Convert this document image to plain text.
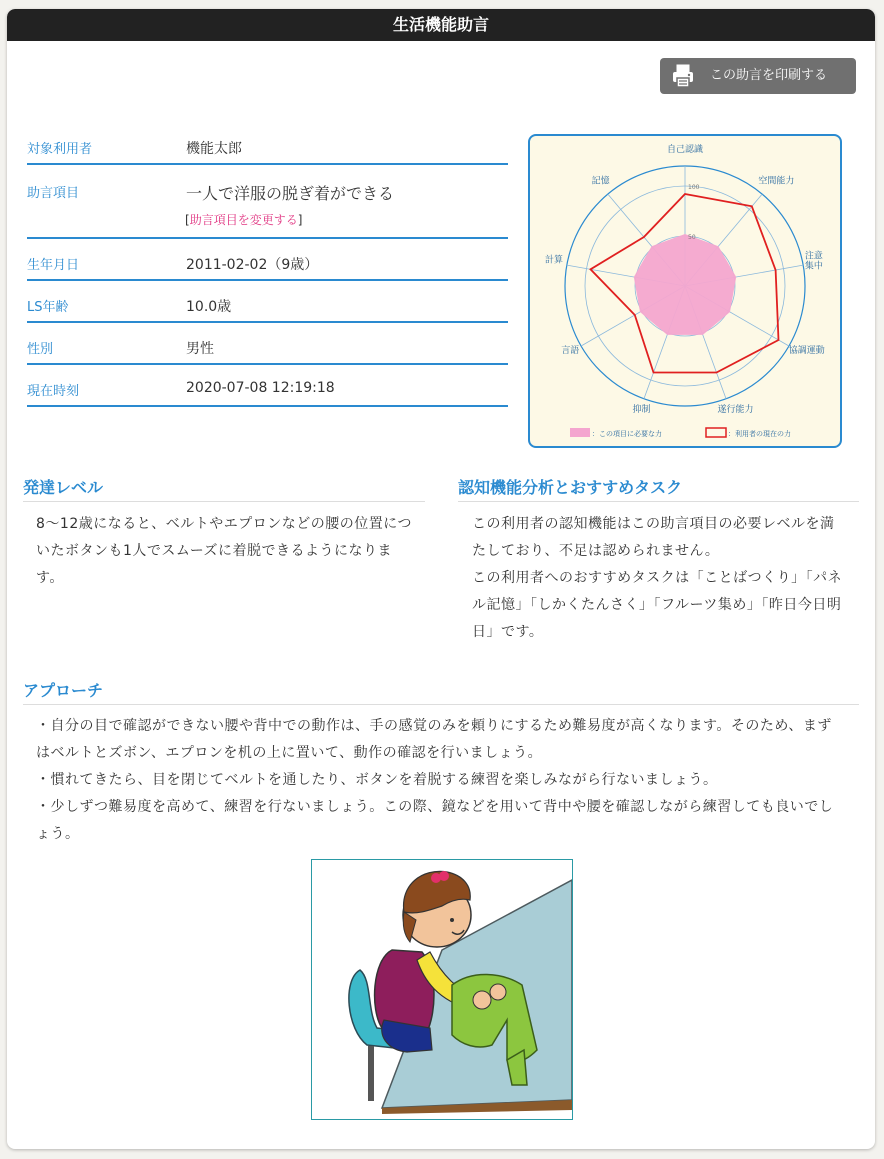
生活機能助言
この助言を印刷する
対象利用者	機能太郎
助言項目	一人で洋服の脱ぎ着ができる
[助言項目を変更する]
生年月日	2011-02-02（9歳）
LS年齢	10.0歳
性別	男性
現在時刻	2020-07-08 12:19:18
50
100
自己認識
空間能力
注意
集中
協調運動
遂行能力
抑制
言語
計算
記憶
：この項目に必要な力	：利用者の現在の力
発達レベル
8〜12歳になると、ベルトやエプロンなどの腰の位置についたボタンも1人でスムーズに着脱できるようになります。
認知機能分析とおすすめタスク

この利用者の認知機能はこの助言項目の必要レベルを満たしており、不足は認められません。

この利用者へのおすすめタスクは「ことばつくり」「パネル記憶」「しかくたんさく」「フルーツ集め」「昨日今日明日」です。

アプローチ

・自分の目で確認ができない腰や背中での動作は、手の感覚のみを頼りにするため難易度が高くなります。そのため、まずはベルトとズボン、エプロンを机の上に置いて、動作の確認を行いましょう。

・慣れてきたら、目を閉じてベルトを通したり、ボタンを着脱する練習を楽しみながら行ないましょう。

・少しずつ難易度を高めて、練習を行ないましょう。この際、鏡などを用いて背中や腰を確認しながら練習しても良いでしょう。
